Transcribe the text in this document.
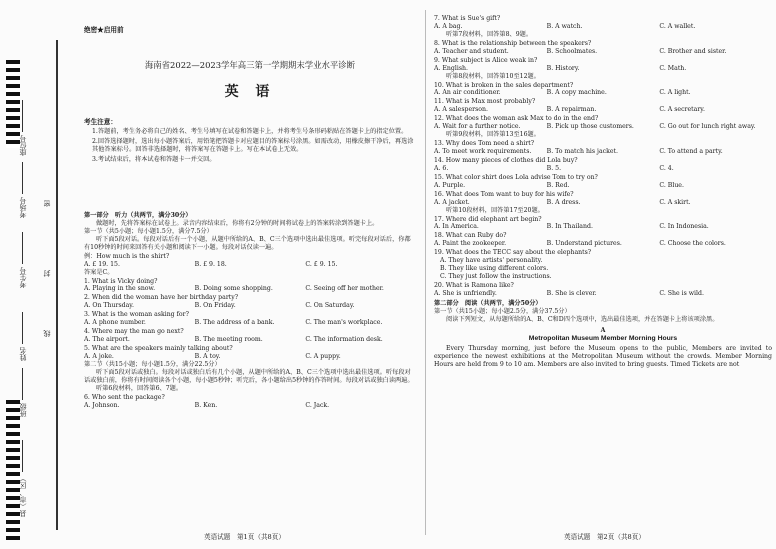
座位号
考场号
考生号
姓名
班级
县（市、区）
密
封
线
绝密★启用前
海南省2022—2023学年高三第一学期期末学业水平诊断
英 语
考生注意：
1.答题前，考生务必将自己的姓名、考生号填写在试卷和答题卡上，并将考生号条形码粘贴在答题卡上的指定位置。
2.回答选择题时，选出每小题答案后，用铅笔把答题卡对应题目的答案标号涂黑。如需改动，用橡皮擦干净后，再选涂其他答案标号。回答非选择题时，将答案写在答题卡上。写在本试卷上无效。
3.考试结束后，将本试卷和答题卡一并交回。
第一部分　听力（共两节，满分30分）
做题时，先将答案标在试卷上。录音内容结束后，你将有2分钟的时间将试卷上的答案转涂到答题卡上。
第一节（共5小题；每小题1.5分，满分7.5分）
听下面5段对话。每段对话后有一个小题，从题中所给的A、B、C三个选项中选出最佳选项。听完每段对话后，你都有10秒钟的时间来回答有关小题和阅读下一小题。每段对话仅读一遍。
例：How much is the shirt?
A. £ 19. 15.	B. £ 9. 18.	C. £ 9. 15.
答案是C。
1. What is Vicky doing?
A. Playing in the snow.	B. Doing some shopping.	C. Seeing off her mother.
2. When did the woman have her birthday party?
A. On Thursday.	B. On Friday.	C. On Saturday.
3. What is the woman asking for?
A. A phone number.	B. The address of a bank.	C. The man's workplace.
4. Where may the man go next?
A. The airport.	B. The meeting room.	C. The information desk.
5. What are the speakers mainly talking about?
A. A joke.	B. A toy.	C. A puppy.
第二节（共15小题；每小题1.5分，满分22.5分）
听下面5段对话或独白。每段对话或独白后有几个小题，从题中所给的A、B、C三个选项中选出最佳选项。听每段对话或独白前，你将有时间阅读各个小题，每小题5秒钟；听完后，各小题给出5秒钟的作答时间。每段对话或独白读两遍。
听第6段材料，回答第6、7题。
6. Who sent the package?
A. Johnson.	B. Ken.	C. Jack.
英语试题　第1页（共8页）
7. What is Sue's gift?
A. A bag.	B. A watch.	C. A wallet.
听第7段材料，回答第8、9题。
8. What is the relationship between the speakers?
A. Teacher and student.	B. Schoolmates.	C. Brother and sister.
9. What subject is Alice weak in?
A. English.	B. History.	C. Math.
听第8段材料，回答第10至12题。
10. What is broken in the sales department?
A. An air conditioner.	B. A copy machine.	C. A light.
11. What is Max most probably?
A. A salesperson.	B. A repairman.	C. A secretary.
12. What does the woman ask Max to do in the end?
A. Wait for a further notice.	B. Pick up those customers.	C. Go out for lunch right away.
听第9段材料，回答第13至16题。
13. Why does Tom need a shirt?
A. To meet work requirements.	B. To match his jacket.	C. To attend a party.
14. How many pieces of clothes did Lola buy?
A. 6.	B. 5.	C. 4.
15. What color shirt does Lola advise Tom to try on?
A. Purple.	B. Red.	C. Blue.
16. What does Tom want to buy for his wife?
A. A jacket.	B. A dress.	C. A skirt.
听第10段材料，回答第17至20题。
17. Where did elephant art begin?
A. In America.	B. In Thailand.	C. In Indonesia.
18. What can Ruby do?
A. Paint the zookeeper.	B. Understand pictures.	C. Choose the colors.
19. What does the TECC say about the elephants?
A. They have artists' personality.
B. They like using different colors.
C. They just follow the instructions.
20. What is Ramona like?
A. She is unfriendly.	B. She is clever.	C. She is wild.
第二部分　阅读（共两节，满分50分）
第一节（共15小题；每小题2.5分，满分37.5分）
阅读下列短文，从每题所给的A、B、C和D四个选项中，选出最佳选项，并在答题卡上将该项涂黑。
A
Metropolitan Museum Member Morning Hours
Every Thursday morning, just before the Museum opens to the public, Members are invited to experience the newest exhibitions at the Metropolitan Museum without the crowds. Member Morning Hours are held from 9 to 10 am. Members are also invited to bring guests. Timed Tickets are not
英语试题　第2页（共8页）
